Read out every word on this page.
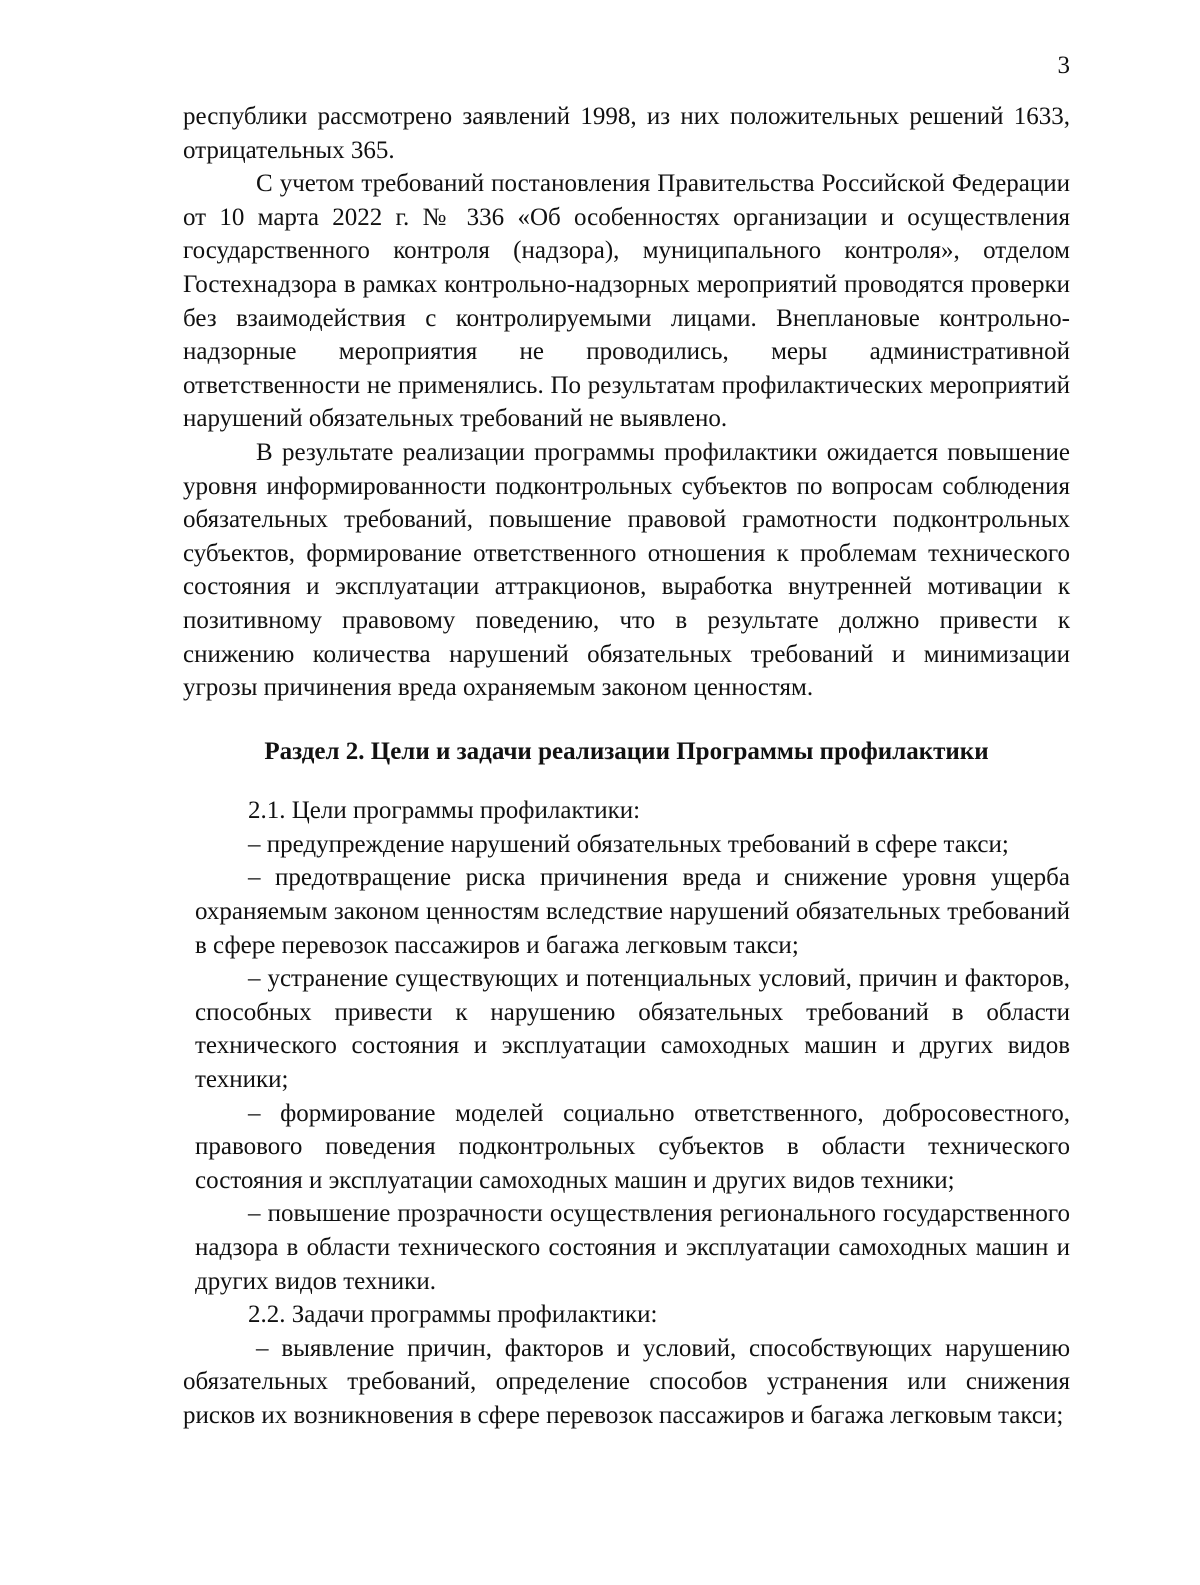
3

республики рассмотрено заявлений 1998, из них положительных решений 1633, отрицательных 365.

С учетом требований постановления Правительства Российской Федерации от 10 марта 2022 г. № 336 «Об особенностях организации и осуществления государственного контроля (надзора), муниципального контроля», отделом Гостехнадзора в рамках контрольно-надзорных мероприятий проводятся проверки без взаимодействия с контролируемыми лицами. Внеплановые контрольно-надзорные мероприятия не проводились, меры административной ответственности не применялись. По результатам профилактических мероприятий нарушений обязательных требований не выявлено.

В результате реализации программы профилактики ожидается повышение уровня информированности подконтрольных субъектов по вопросам соблюдения обязательных требований, повышение правовой грамотности подконтрольных субъектов, формирование ответственного отношения к проблемам технического состояния и эксплуатации аттракционов, выработка внутренней мотивации к позитивному правовому поведению, что в результате должно привести к снижению количества нарушений обязательных требований и минимизации угрозы причинения вреда охраняемым законом ценностям.

Раздел 2. Цели и задачи реализации Программы профилактики

2.1. Цели программы профилактики:

– предупреждение нарушений обязательных требований в сфере такси;

– предотвращение риска причинения вреда и снижение уровня ущерба охраняемым законом ценностям вследствие нарушений обязательных требований в сфере перевозок пассажиров и багажа легковым такси;

– устранение существующих и потенциальных условий, причин и факторов, способных привести к нарушению обязательных требований в области технического состояния и эксплуатации самоходных машин и других видов техники;

– формирование моделей социально ответственного, добросовестного, правового поведения подконтрольных субъектов в области технического состояния и эксплуатации самоходных машин и других видов техники;

– повышение прозрачности осуществления регионального государственного надзора в области технического состояния и эксплуатации самоходных машин и других видов техники.

2.2. Задачи программы профилактики:

– выявление причин, факторов и условий, способствующих нарушению обязательных требований, определение способов устранения или снижения рисков их возникновения в сфере перевозок пассажиров и багажа легковым такси;
